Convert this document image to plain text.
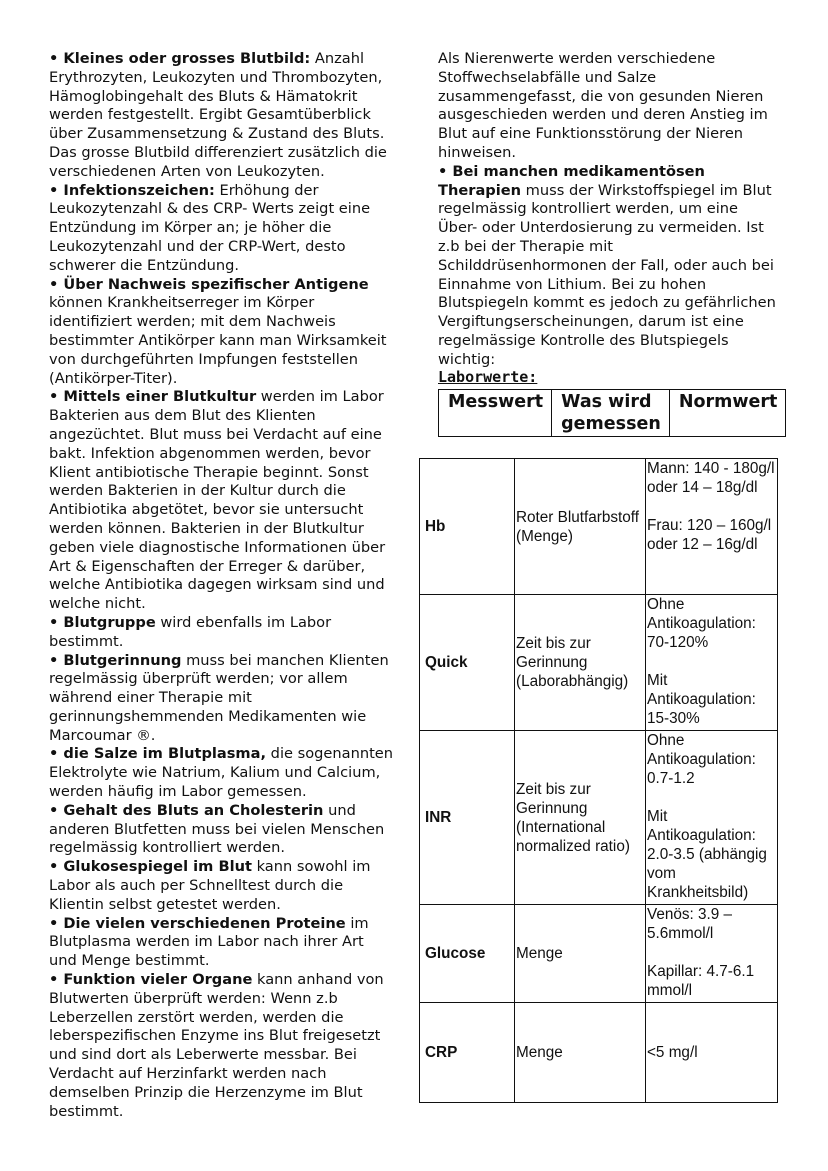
• Kleines oder grosses Blutbild: Anzahl Erythrozyten, Leukozyten und Thrombozyten, Hämoglobingehalt des Bluts & Hämatokrit werden festgestellt. Ergibt Gesamtüberblick über Zusammensetzung & Zustand des Bluts. Das grosse Blutbild differenziert zusätzlich die verschiedenen Arten von Leukozyten.

• Infektionszeichen: Erhöhung der Leukozytenzahl & des CRP- Werts zeigt eine Entzündung im Körper an; je höher die Leukozytenzahl und der CRP-Wert, desto schwerer die Entzündung.

• Über Nachweis spezifischer Antigene können Krankheitserreger im Körper identifiziert werden; mit dem Nachweis bestimmter Antikörper kann man Wirksamkeit von durchgeführten Impfungen feststellen (Antikörper-Titer).

• Mittels einer Blutkultur werden im Labor Bakterien aus dem Blut des Klienten angezüchtet. Blut muss bei Verdacht auf eine bakt. Infektion abgenommen werden, bevor Klient antibiotische Therapie beginnt. Sonst werden Bakterien in der Kultur durch die Antibiotika abgetötet, bevor sie untersucht werden können. Bakterien in der Blutkultur geben viele diagnostische Informationen über Art & Eigenschaften der Erreger & darüber, welche Antibiotika dagegen wirksam sind und welche nicht.

• Blutgruppe wird ebenfalls im Labor bestimmt.

• Blutgerinnung muss bei manchen Klienten regelmässig überprüft werden; vor allem während einer Therapie mit gerinnungshemmenden Medikamenten wie Marcoumar ®.

• die Salze im Blutplasma, die sogenannten Elektrolyte wie Natrium, Kalium und Calcium, werden häufig im Labor gemessen.

• Gehalt des Bluts an Cholesterin und anderen Blutfetten muss bei vielen Menschen regelmässig kontrolliert werden.

• Glukosespiegel im Blut kann sowohl im Labor als auch per Schnelltest durch die Klientin selbst getestet werden.

• Die vielen verschiedenen Proteine im Blutplasma werden im Labor nach ihrer Art und Menge bestimmt.

• Funktion vieler Organe kann anhand von Blutwerten überprüft werden: Wenn z.b Leberzellen zerstört werden, werden die leberspezifischen Enzyme ins Blut freigesetzt und sind dort als Leberwerte messbar. Bei Verdacht auf Herzinfarkt werden nach demselben Prinzip die Herzenzyme im Blut bestimmt.

Als Nierenwerte werden verschiedene Stoffwechselabfälle und Salze zusammengefasst, die von gesunden Nieren ausgeschieden werden und deren Anstieg im Blut auf eine Funktionsstörung der Nieren hinweisen.

• Bei manchen medikamentösen Therapien muss der Wirkstoffspiegel im Blut regelmässig kontrolliert werden, um eine Über- oder Unterdosierung zu vermeiden. Ist z.b bei der Therapie mit Schilddrüsenhormonen der Fall, oder auch bei Einnahme von Lithium. Bei zu hohen Blutspiegeln kommt es jedoch zu gefährlichen Vergiftungserscheinungen, darum ist eine regelmässige Kontrolle des Blutspiegels wichtig:

Laborwerte:
Messwert	Was wird gemessen	Normwert
Hb	Roter Blutfarbstoff (Menge)	Mann: 140 - 180g/l oder 14 – 18g/dl
Frau: 120 – 160g/l oder 12 – 16g/dl

Quick	Zeit bis zur Gerinnung (Laborabhängig)	Ohne Antikoagulation: 70-120%
Mit Antikoagulation: 15-30%

INR	Zeit bis zur Gerinnung (International normalized ratio)	Ohne Antikoagulation: 0.7-1.2
Mit Antikoagulation: 2.0-3.5 (abhängig vom Krankheitsbild)

Glucose	Menge	Venös: 3.9 – 5.6mmol/l
Kapillar: 4.7-6.1 mmol/l

CRP	Menge	<5 mg/l
